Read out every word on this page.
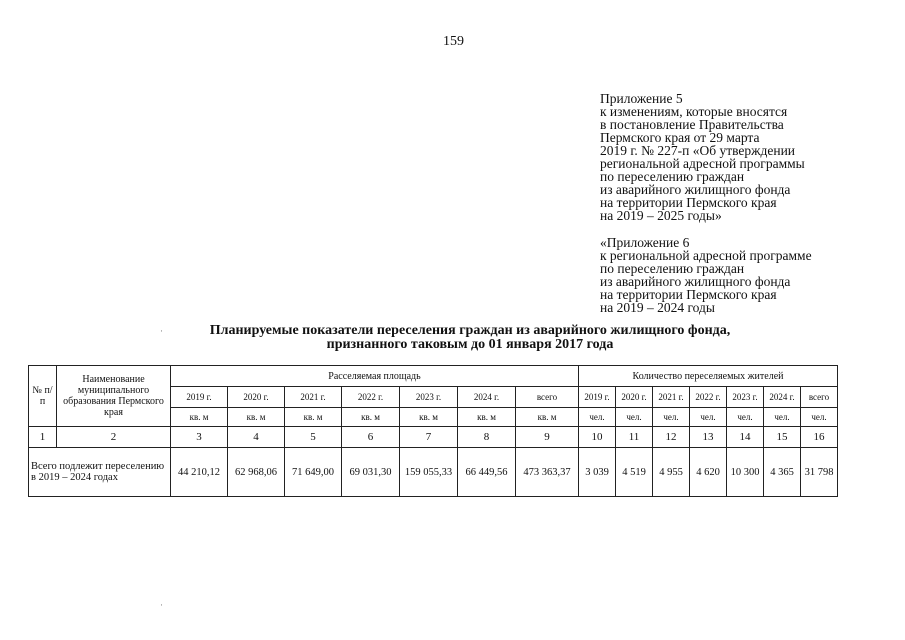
159
Приложение 5
к изменениям, которые вносятся
в постановление Правительства
Пермского края от 29 марта
2019 г. № 227-п «Об утверждении
региональной адресной программы
по переселению граждан
из аварийного жилищного фонда
на территории Пермского края
на 2019 – 2025 годы»
«Приложение 6
к региональной адресной программе
по переселению граждан
из аварийного жилищного фонда
на территории Пермского края
на 2019 – 2024 годы
·
·
Планируемые показатели переселения граждан из аварийного жилищного фонда,
признанного таковым до 01 января 2017 года
№ п/п	Наименование муниципального образования Пермского края	Расселяемая площадь							Количество переселяемых жителей						
		2019 г.	2020 г.	2021 г.	2022 г.	2023 г.	2024 г.	всего	2019 г.	2020 г.	2021 г.	2022 г.	2023 г.	2024 г.	всего
		кв. м	кв. м	кв. м	кв. м	кв. м	кв. м	кв. м	чел.	чел.	чел.	чел.	чел.	чел.	чел.
1	2	3	4	5	6	7	8	9	10	11	12	13	14	15	16
Всего подлежит переселению в 2019 – 2024 годах		44 210,12	62 968,06	71 649,00	69 031,30	159 055,33	66 449,56	473 363,37	3 039	4 519	4 955	4 620	10 300	4 365	31 798
